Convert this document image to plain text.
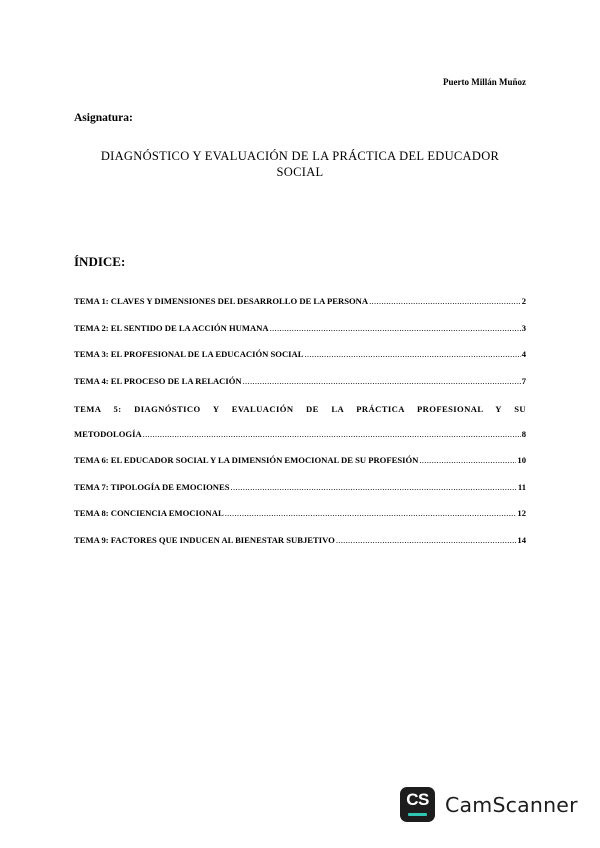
Puerto Millán Muñoz
Asignatura:
DIAGNÓSTICO Y EVALUACIÓN DE LA PRÁCTICA DEL EDUCADOR
SOCIAL
ÍNDICE:
TEMA 1: CLAVES Y DIMENSIONES DEL DESARROLLO DE LA PERSONA .....	2
TEMA 2: EL SENTIDO DE LA ACCIÓN HUMANA .....	3
TEMA 3: EL PROFESIONAL DE LA EDUCACIÓN SOCIAL .....	4
TEMA 4: EL PROCESO DE LA RELACIÓN .....	7
TEMA 5: DIAGNÓSTICO Y EVALUACIÓN DE LA PRÁCTICA PROFESIONAL Y SU
METODOLOGÍA .....	8
TEMA 6: EL EDUCADOR SOCIAL Y LA DIMENSIÓN EMOCIONAL DE SU PROFESIÓN .....	10
TEMA 7: TIPOLOGÍA DE EMOCIONES .....	11
TEMA 8: CONCIENCIA EMOCIONAL .....	12
TEMA 9: FACTORES QUE INDUCEN AL BIENESTAR SUBJETIVO .....	14
CS CamScanner
